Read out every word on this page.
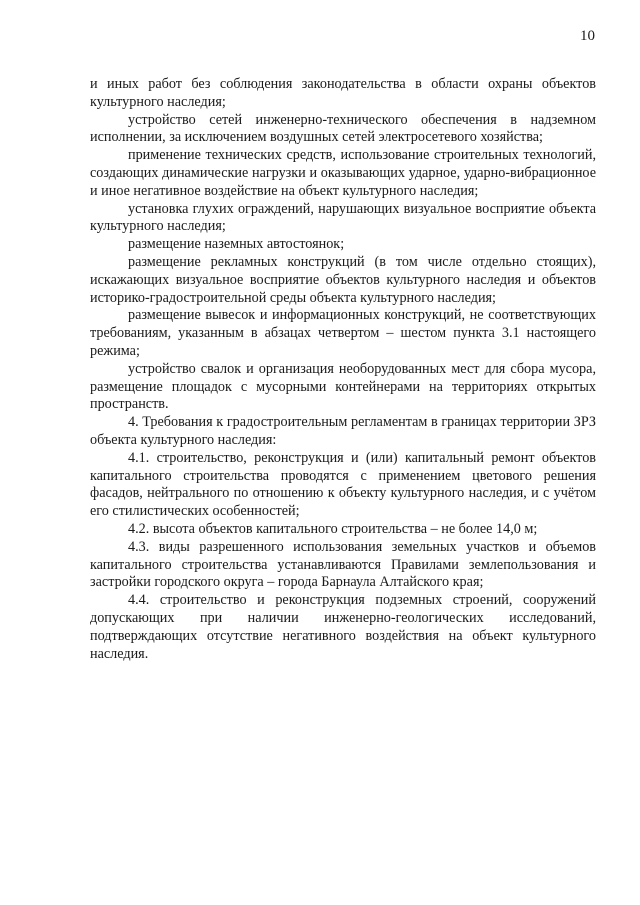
10

и иных работ без соблюдения законодательства в области охраны объектов культурного наследия;

устройство сетей инженерно-технического обеспечения в надземном исполнении, за исключением воздушных сетей электросетевого хозяйства;

применение технических средств, использование строительных технологий, создающих динамические нагрузки и оказывающих ударное, ударно-вибрационное и иное негативное воздействие на объект культурного наследия;

установка глухих ограждений, нарушающих визуальное восприятие объекта культурного наследия;

размещение наземных автостоянок;

размещение рекламных конструкций (в том числе отдельно стоящих), искажающих визуальное восприятие объектов культурного наследия и объектов историко-градостроительной среды объекта культурного наследия;

размещение вывесок и информационных конструкций, не соответствующих требованиям, указанным в абзацах четвертом – шестом пункта 3.1 настоящего режима;

устройство свалок и организация необорудованных мест для сбора мусора, размещение площадок с мусорными контейнерами на территориях открытых пространств.

4. Требования к градостроительным регламентам в границах территории ЗРЗ объекта культурного наследия:

4.1. строительство, реконструкция и (или) капитальный ремонт объектов капитального строительства проводятся с применением цветового решения фасадов, нейтрального по отношению к объекту культурного наследия, и с учётом его стилистических особенностей;

4.2. высота объектов капитального строительства – не более 14,0 м;

4.3. виды разрешенного использования земельных участков и объемов капитального строительства устанавливаются Правилами землепользования и застройки городского округа – города Барнаула Алтайского края;

4.4. строительство и реконструкция подземных строений, сооружений допускающих при наличии инженерно-геологических исследований, подтверждающих отсутствие негативного воздействия на объект культурного наследия.
